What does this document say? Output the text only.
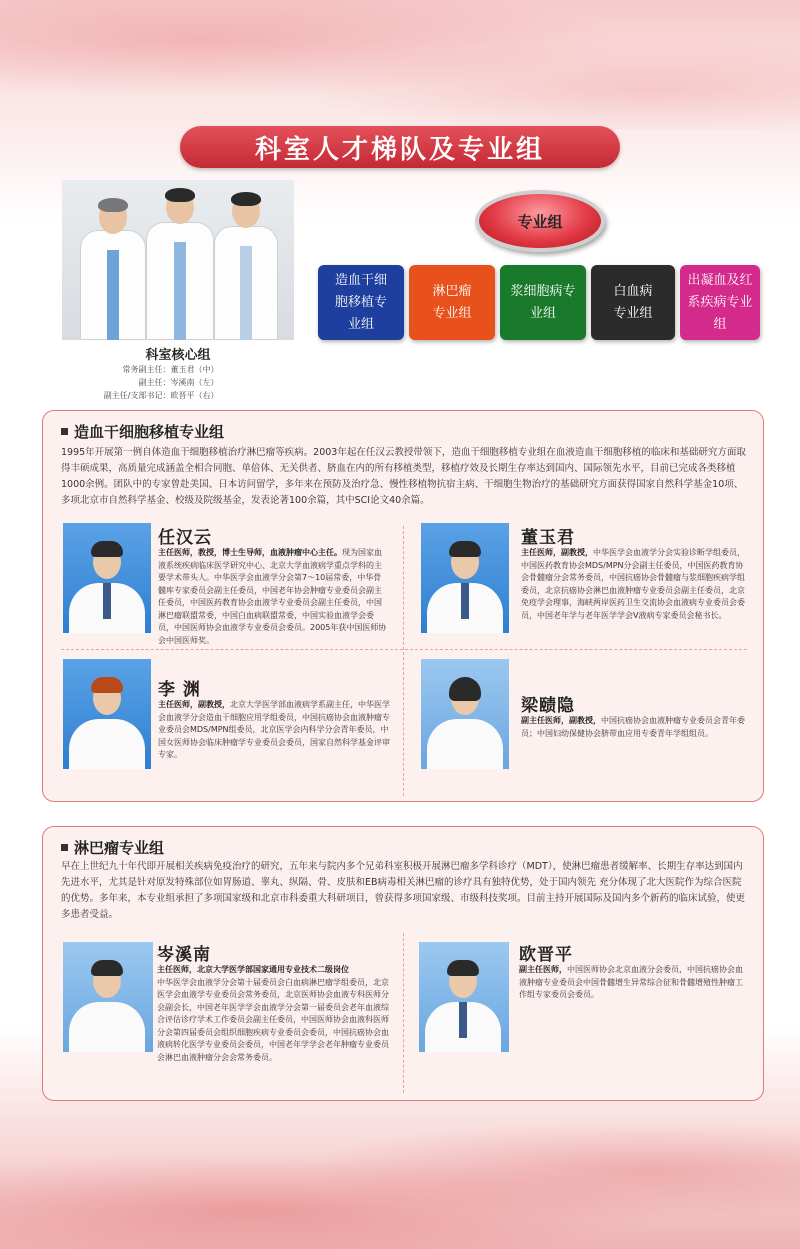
科室人才梯队及专业组
科室核心组
常务副主任： 董玉君（中）
副主任： 岑溪南（左）
副主任/支部书记： 欧晋平（右）
专业组
造血干细胞移植专业组
淋巴瘤专业组
浆细胞病专业组
白血病专业组
出凝血及红系疾病专业组
造血干细胞移植专业组
1995年开展第一例自体造血干细胞移植治疗淋巴瘤等疾病。2003年起在任汉云教授带领下，造血干细胞移植专业组在血液造血干细胞移植的临床和基础研究方面取得丰硕成果，高质量完成涵盖全相合同胞、单倍体、无关供者、脐血在内的所有移植类型，移植疗效及长期生存率达到国内、国际领先水平，目前已完成各类移植1000余例。团队中的专家曾赴美国、日本访问留学，多年来在预防及治疗急、慢性移植物抗宿主病、干细胞生物治疗的基础研究方面获得国家自然科学基金10项、多项北京市自然科学基金、校级及院级基金，发表论著100余篇，其中SCI论文40余篇。
任汉云
主任医师，教授，博士生导师，血液肿瘤中心主任。现为国家血液系统疾病临床医学研究中心、北京大学血液病学重点学科的主要学术带头人。中华医学会血液学分会第7～10届常委，中华骨髓库专家委员会副主任委员，中国老年协会肿瘤专业委员会副主任委员，中国医药教育协会血液学专业委员会副主任委员，中国淋巴瘤联盟常委，中国白血病联盟常委，中国实验血液学会委员，中国医师协会血液学专业委员会委员。2005年获中国医师协会中国医师奖。
董玉君
主任医师，副教授，中华医学会血液学分会实验诊断学组委员，中国医药教育协会MDS/MPN分会副主任委员，中国医药教育协会骨髓瘤分会常务委员，中国抗癌协会骨髓瘤与浆细胞疾病学组委员，北京抗癌协会淋巴血液肿瘤专业委员会副主任委员，北京免疫学会理事，海峡两岸医药卫生交流协会血液病专业委员会委员，中国老年学与老年医学学会V液病专家委员会秘书长。
李 渊
主任医师，副教授，北京大学医学部血液病学系副主任，中华医学会血液学分会造血干细胞应用学组委员，中国抗癌协会血液肿瘤专业委员会MDS/MPN组委员，北京医学会内科学分会青年委员，中国女医师协会临床肿瘤学专业委员会委员，国家自然科学基金评审专家。
梁赜隐
副主任医师，副教授，中国抗癌协会血液肿瘤专业委员会青年委员；中国妇幼保健协会脐带血应用专委青年学组组员。
淋巴瘤专业组
早在上世纪九十年代即开展相关疾病免疫治疗的研究，五年来与院内多个兄弟科室积极开展淋巴瘤多学科诊疗（MDT），使淋巴瘤患者缓解率、长期生存率达到国内先进水平，尤其是针对原发特殊部位如胃肠道、睾丸、纵隔、骨、皮肤和EB病毒相关淋巴瘤的诊疗具有独特优势，处于国内领先 充分体现了北大医院作为综合医院的优势。多年来，本专业组承担了多项国家级和北京市科委重大科研项目，曾获得多项国家级、市级科技奖项。目前主持开展国际及国内多个新药的临床试验，使更多患者受益。
岑溪南
主任医师，北京大学医学部国家通用专业技术二级岗位
中华医学会血液学分会第十届委员会白血病淋巴瘤学组委员，北京医学会血液学专业委员会常务委员，北京医师协会血液专科医师分会副会长，中国老年医学学会血液学分会第一届委员会老年血液综合评估诊疗学术工作委员会副主任委员，中国医师协会血液科医师分会第四届委员会组织细胞疾病专业委员会委员，中国抗癌协会血液病转化医学专业委员会委员，中国老年学学会老年肿瘤专业委员会淋巴血液肿瘤分会会常务委员。
欧晋平
副主任医师，中国医师协会北京血液分会委员，中国抗癌协会血液肿瘤专业委员会中国骨髓增生异常综合征和骨髓增殖性肿瘤工作组专家委员会委员。
